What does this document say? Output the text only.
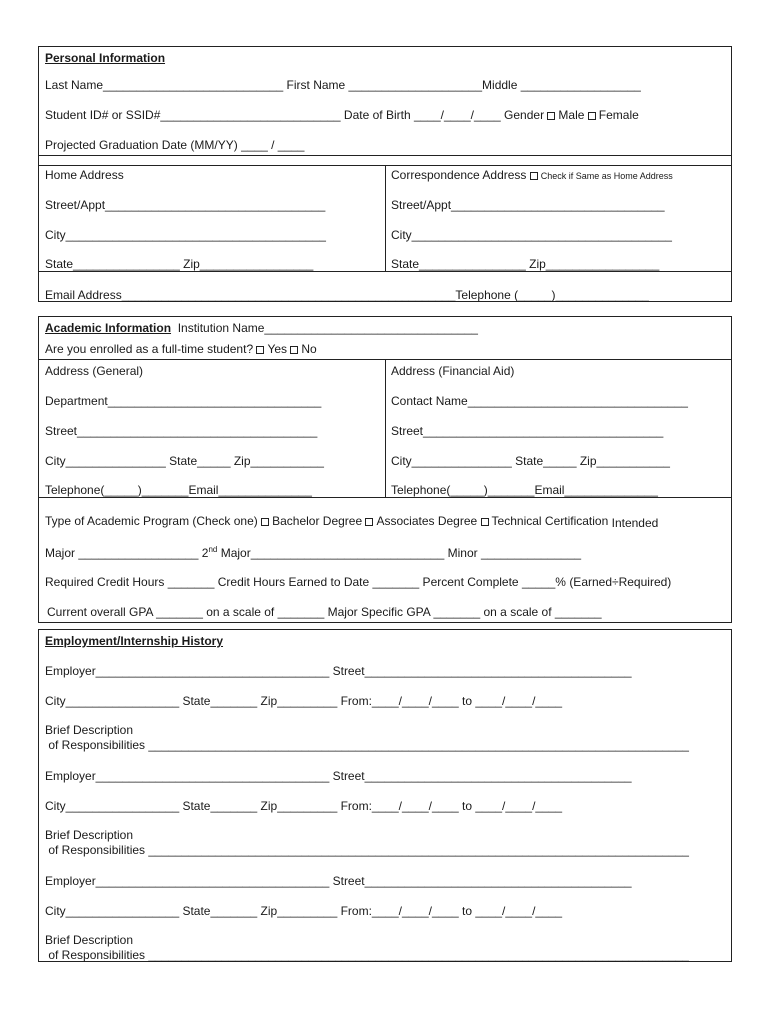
Personal Information
Last Name___________________________ First Name ____________________Middle __________________
Student ID# or SSID#___________________________ Date of Birth ____/____/____ Gender Male Female
Projected Graduation Date (MM/YY) ____ / ____
Home Address	Correspondence Address Check if Same as Home Address
Street/Appt_________________________________	Street/Appt________________________________
City_______________________________________	City_______________________________________
State________________ Zip_________________	State________________ Zip_________________
Email Address__________________________________________________Telephone (_____)______________
Academic Information  Institution Name________________________________
Are you enrolled as a full-time student? Yes No
Address (General)	Address (Financial Aid)
Department________________________________	Contact Name_________________________________
Street____________________________________	Street____________________________________
City_______________ State_____ Zip___________	City_______________ State_____ Zip___________
Telephone(_____)_______Email______________	Telephone(_____)_______Email______________
Type of Academic Program (Check one) Bachelor Degree Associates Degree Technical Certification Intended
Major __________________ 2nd Major_____________________________ Minor _______________
Required Credit Hours _______ Credit Hours Earned to Date _______ Percent Complete _____% (Earned÷Required)
Current overall GPA _______ on a scale of _______ Major Specific GPA _______ on a scale of _______
Employment/Internship History
Employer___________________________________ Street________________________________________
City_________________ State_______ Zip_________ From:____/____/____ to ____/____/____
Brief Description
of Responsibilities _________________________________________________________________________________
Employer___________________________________ Street________________________________________
City_________________ State_______ Zip_________ From:____/____/____ to ____/____/____
Brief Description
of Responsibilities _________________________________________________________________________________
Employer___________________________________ Street________________________________________
City_________________ State_______ Zip_________ From:____/____/____ to ____/____/____
Brief Description
of Responsibilities _________________________________________________________________________________
